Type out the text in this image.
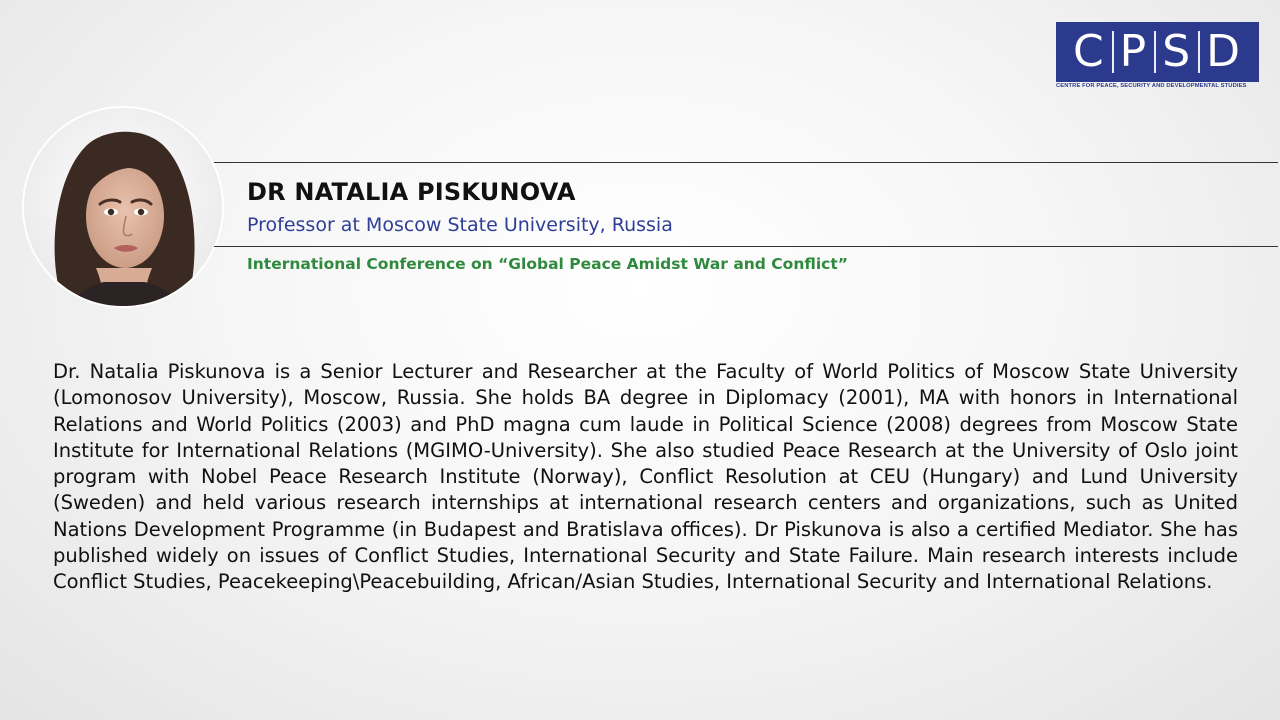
C P S D
CENTRE FOR PEACE, SECURITY AND DEVELOPMENTAL STUDIES
DR NATALIA PISKUNOVA
Professor at Moscow State University, Russia
International Conference on “Global Peace Amidst War and Conflict”

Dr. Natalia Piskunova is a Senior Lecturer and Researcher at the Faculty of World Politics of Moscow State University (Lomonosov University), Moscow, Russia. She holds BA degree in Diplomacy (2001), MA with honors in International Relations and World Politics (2003) and PhD magna cum laude in Political Science (2008) degrees from Moscow State Institute for International Relations (MGIMO-University). She also studied Peace Research at the University of Oslo joint program with Nobel Peace Research Institute (Norway), Conflict Resolution at CEU (Hungary) and Lund University (Sweden) and held various research internships at international research centers and organizations, such as United Nations Development Programme (in Budapest and Bratislava offices). Dr Piskunova is also a certified Mediator. She has published widely on issues of Conflict Studies, International Security and State Failure. Main research interests include Conflict Studies, Peacekeeping\Peacebuilding, African/Asian Studies, International Security and International Relations.
